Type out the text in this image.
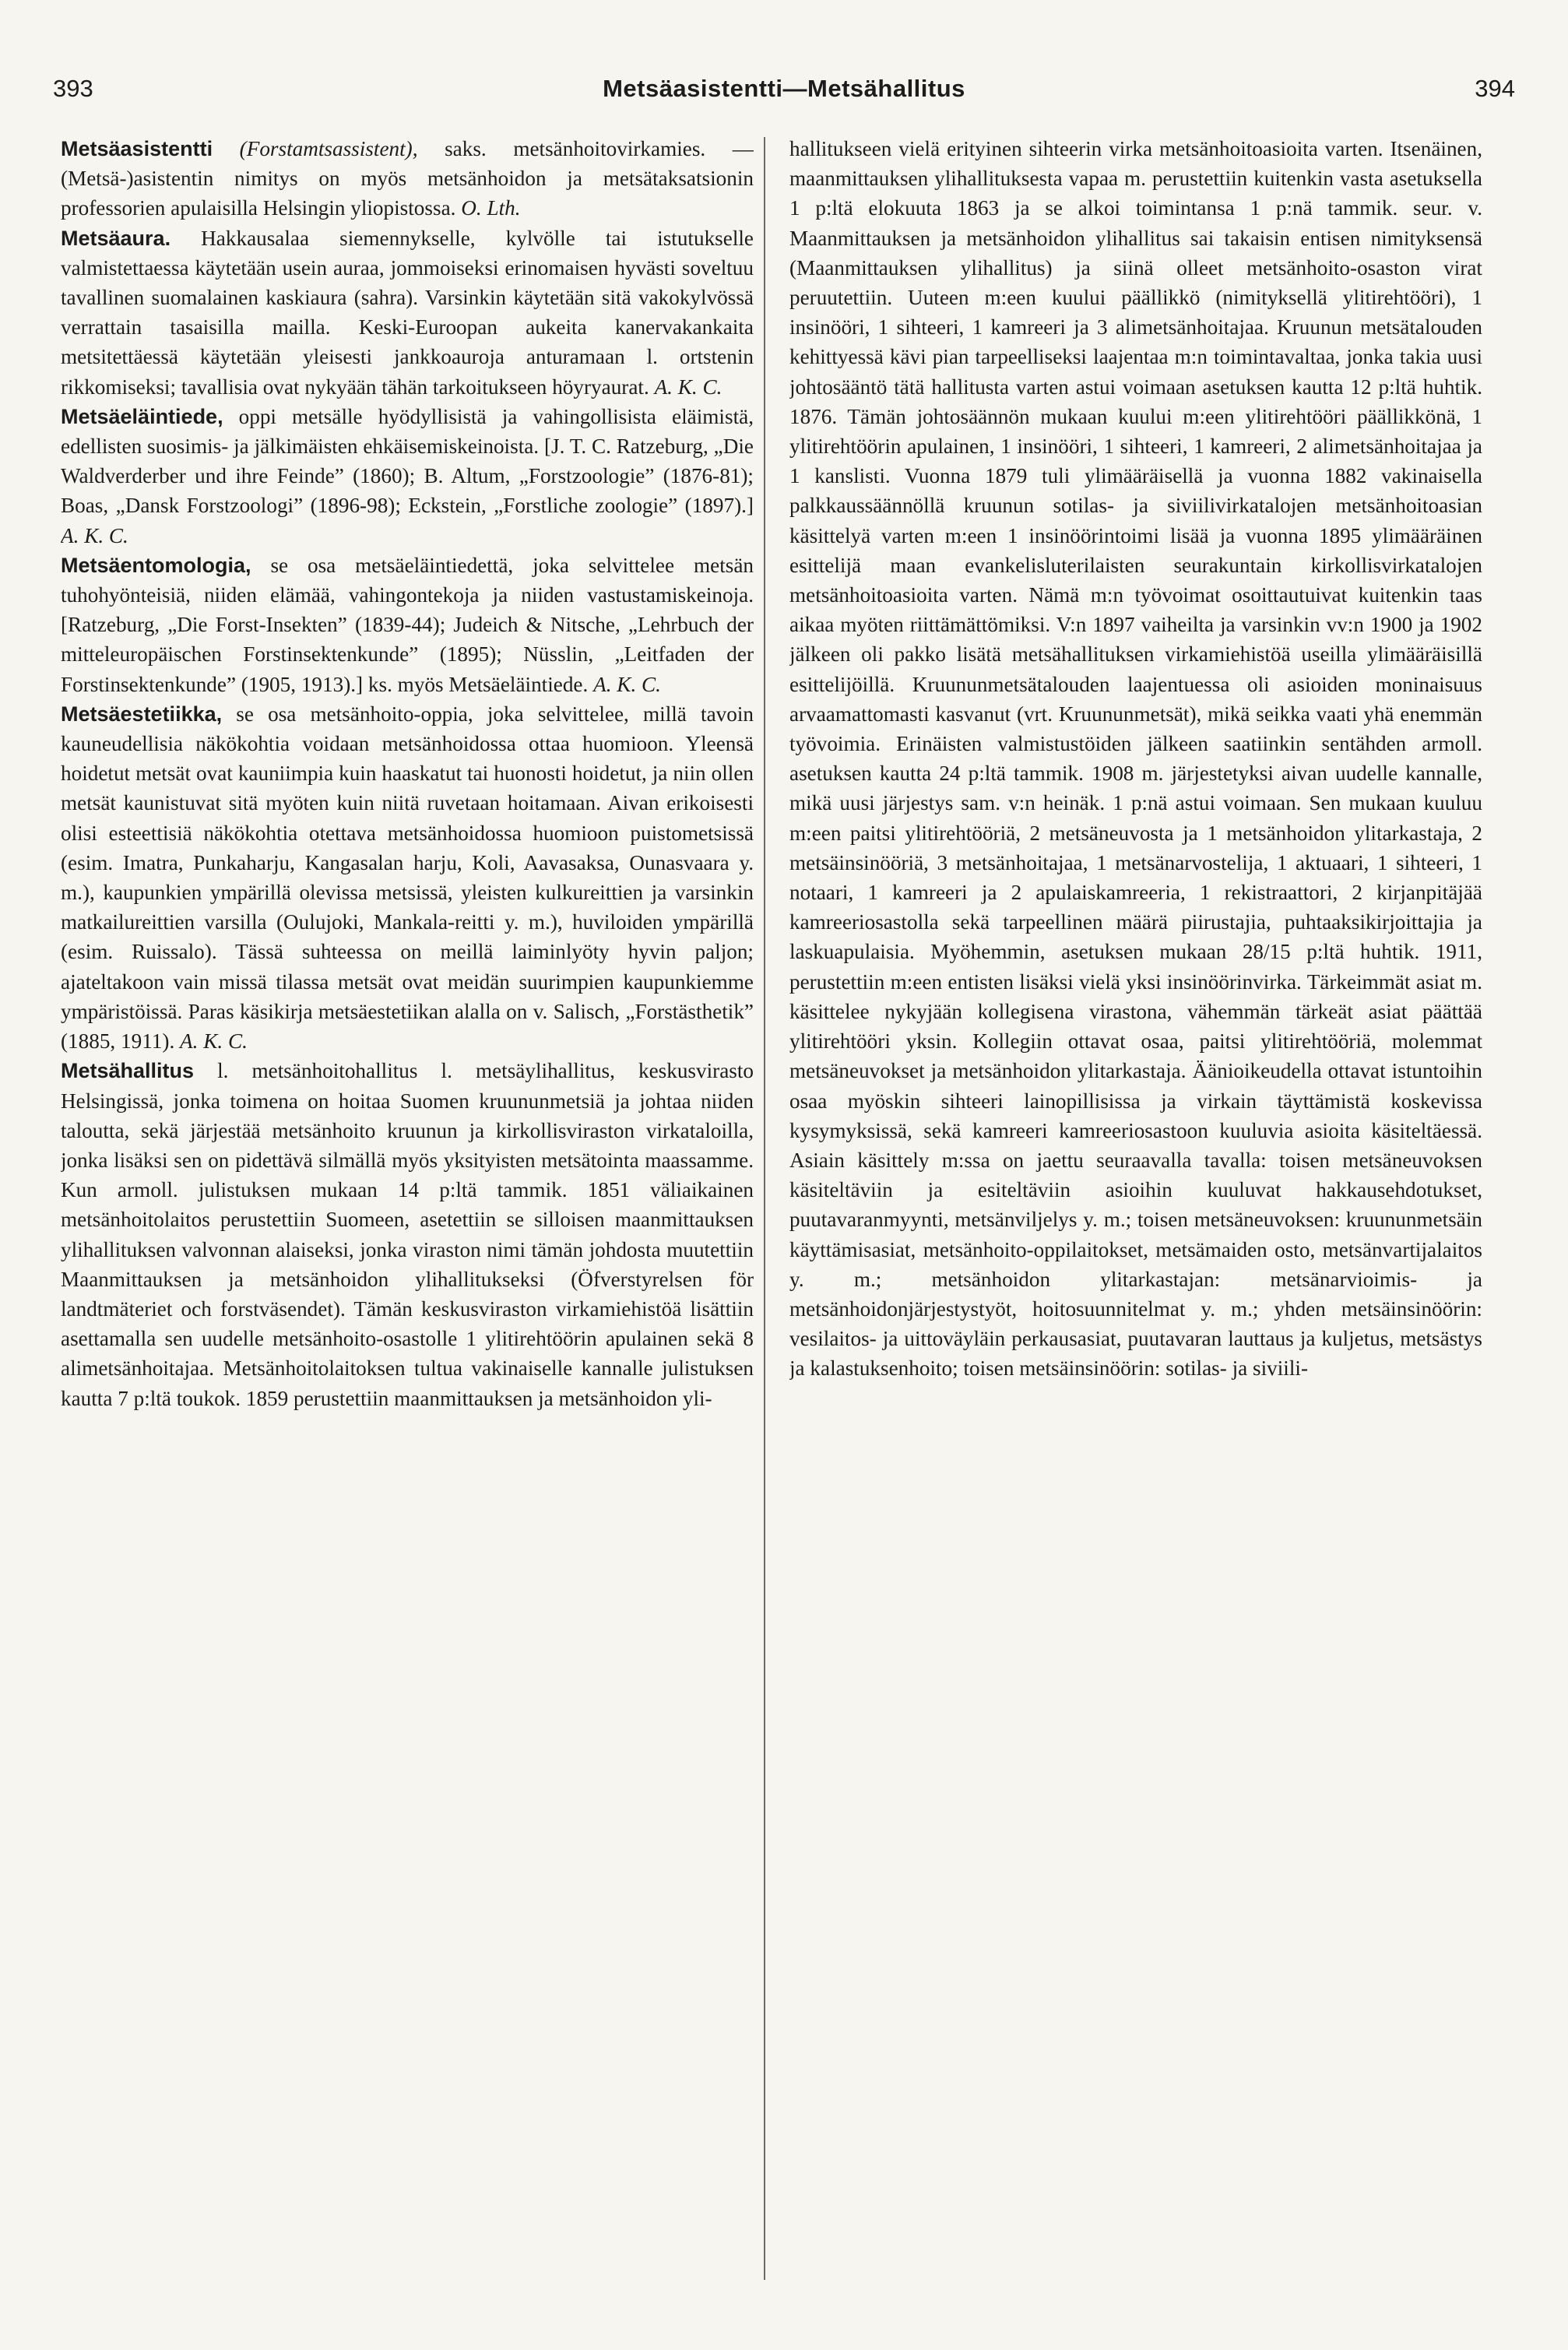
393	Metsäasistentti—Metsähallitus	394

Metsäasistentti (Forstamtsassistent), saks. metsänhoitovirkamies. — (Metsä-)asistentin nimitys on myös metsänhoidon ja metsätaksatsionin professorien apulaisilla Helsingin yliopistossa. O. Lth.

Metsäaura. Hakkausalaa siemennykselle, kylvölle tai istutukselle valmistettaessa käytetään usein auraa, jommoiseksi erinomaisen hyvästi soveltuu tavallinen suomalainen kaskiaura (sahra). Varsinkin käytetään sitä vakokylvössä verrattain tasaisilla mailla. Keski-Euroopan aukeita kanervakankaita metsitettäessä käytetään yleisesti jankkoauroja anturamaan l. ortstenin rikkomiseksi; tavallisia ovat nykyään tähän tarkoitukseen höyryaurat. A. K. C.

Metsäeläintiede, oppi metsälle hyödyllisistä ja vahingollisista eläimistä, edellisten suosimis- ja jälkimäisten ehkäisemiskeinoista. [J. T. C. Ratzeburg, „Die Waldverderber und ihre Feinde” (1860); B. Altum, „Forstzoologie” (1876-81); Boas, „Dansk Forstzoologi” (1896-98); Eckstein, „Forstliche zoologie” (1897).] A. K. C.

Metsäentomologia, se osa metsäeläintiedettä, joka selvittelee metsän tuhohyönteisiä, niiden elämää, vahingontekoja ja niiden vastustamiskeinoja. [Ratzeburg, „Die Forst-Insekten” (1839-44); Judeich & Nitsche, „Lehrbuch der mitteleuropäischen Forstinsektenkunde” (1895); Nüsslin, „Leitfaden der Forstinsektenkunde” (1905, 1913).] ks. myös Metsäeläintiede. A. K. C.

Metsäestetiikka, se osa metsänhoito-oppia, joka selvittelee, millä tavoin kauneudellisia näkökohtia voidaan metsänhoidossa ottaa huomioon. Yleensä hoidetut metsät ovat kauniimpia kuin haaskatut tai huonosti hoidetut, ja niin ollen metsät kaunistuvat sitä myöten kuin niitä ruvetaan hoitamaan. Aivan erikoisesti olisi esteettisiä näkökohtia otettava metsänhoidossa huomioon puistometsissä (esim. Imatra, Punkaharju, Kangasalan harju, Koli, Aavasaksa, Ounasvaara y. m.), kaupunkien ympärillä olevissa metsissä, yleisten kulkureittien ja varsinkin matkailureittien varsilla (Oulujoki, Mankala-reitti y. m.), huviloiden ympärillä (esim. Ruissalo). Tässä suhteessa on meillä laiminlyöty hyvin paljon; ajateltakoon vain missä tilassa metsät ovat meidän suurimpien kaupunkiemme ympäristöissä. Paras käsikirja metsäestetiikan alalla on v. Salisch, „Forstästhetik” (1885, 1911). A. K. C.

Metsähallitus l. metsänhoitohallitus l. metsäylihallitus, keskusvirasto Helsingissä, jonka toimena on hoitaa Suomen kruununmetsiä ja johtaa niiden taloutta, sekä järjestää metsänhoito kruunun ja kirkollisviraston virkataloilla, jonka lisäksi sen on pidettävä silmällä myös yksityisten metsätointa maassamme. Kun armoll. julistuksen mukaan 14 p:ltä tammik. 1851 väliaikainen metsänhoitolaitos perustettiin Suomeen, asetettiin se silloisen maanmittauksen ylihallituksen valvonnan alaiseksi, jonka viraston nimi tämän johdosta muutettiin Maanmittauksen ja metsänhoidon ylihallitukseksi (Öfverstyrelsen för landtmäteriet och forstväsendet). Tämän keskusviraston virkamiehistöä lisättiin asettamalla sen uudelle metsänhoito-osastolle 1 ylitirehtöörin apulainen sekä 8 alimetsänhoitajaa. Metsänhoitolaitoksen tultua vakinaiselle kannalle julistuksen kautta 7 p:ltä toukok. 1859 perustettiin maanmittauksen ja metsänhoidon yli-

hallitukseen vielä erityinen sihteerin virka metsänhoitoasioita varten. Itsenäinen, maanmittauksen ylihallituksesta vapaa m. perustettiin kuitenkin vasta asetuksella 1 p:ltä elokuuta 1863 ja se alkoi toimintansa 1 p:nä tammik. seur. v. Maanmittauksen ja metsänhoidon ylihallitus sai takaisin entisen nimityksensä (Maanmittauksen ylihallitus) ja siinä olleet metsänhoito-osaston virat peruutettiin. Uuteen m:een kuului päällikkö (nimityksellä ylitirehtööri), 1 insinööri, 1 sihteeri, 1 kamreeri ja 3 alimetsänhoitajaa. Kruunun metsätalouden kehittyessä kävi pian tarpeelliseksi laajentaa m:n toimintavaltaa, jonka takia uusi johtosääntö tätä hallitusta varten astui voimaan asetuksen kautta 12 p:ltä huhtik. 1876. Tämän johtosäännön mukaan kuului m:een ylitirehtööri päällikkönä, 1 ylitirehtöörin apulainen, 1 insinööri, 1 sihteeri, 1 kamreeri, 2 alimetsänhoitajaa ja 1 kanslisti. Vuonna 1879 tuli ylimääräisellä ja vuonna 1882 vakinaisella palkkaussäännöllä kruunun sotilas- ja siviilivirkatalojen metsänhoitoasian käsittelyä varten m:een 1 insinöörintoimi lisää ja vuonna 1895 ylimääräinen esittelijä maan evankelisluterilaisten seurakuntain kirkollisvirkatalojen metsänhoitoasioita varten. Nämä m:n työvoimat osoittautuivat kuitenkin taas aikaa myöten riittämättömiksi. V:n 1897 vaiheilta ja varsinkin vv:n 1900 ja 1902 jälkeen oli pakko lisätä metsähallituksen virkamiehistöä useilla ylimääräisillä esittelijöillä. Kruununmetsätalouden laajentuessa oli asioiden moninaisuus arvaamattomasti kasvanut (vrt. Kruununmetsät), mikä seikka vaati yhä enemmän työvoimia. Erinäisten valmistustöiden jälkeen saatiinkin sentähden armoll. asetuksen kautta 24 p:ltä tammik. 1908 m. järjestetyksi aivan uudelle kannalle, mikä uusi järjestys sam. v:n heinäk. 1 p:nä astui voimaan. Sen mukaan kuuluu m:een paitsi ylitirehtööriä, 2 metsäneuvosta ja 1 metsänhoidon ylitarkastaja, 2 metsäinsinööriä, 3 metsänhoitajaa, 1 metsänarvostelija, 1 aktuaari, 1 sihteeri, 1 notaari, 1 kamreeri ja 2 apulaiskamreeria, 1 rekistraattori, 2 kirjanpitäjää kamreeriosastolla sekä tarpeellinen määrä piirustajia, puhtaaksikirjoittajia ja laskuapulaisia. Myöhemmin, asetuksen mukaan 28/15 p:ltä huhtik. 1911, perustettiin m:een entisten lisäksi vielä yksi insinöörinvirka. Tärkeimmät asiat m. käsittelee nykyjään kollegisena virastona, vähemmän tärkeät asiat päättää ylitirehtööri yksin. Kollegiin ottavat osaa, paitsi ylitirehtööriä, molemmat metsäneuvokset ja metsänhoidon ylitarkastaja. Äänioikeudella ottavat istuntoihin osaa myöskin sihteeri lainopillisissa ja virkain täyttämistä koskevissa kysymyksissä, sekä kamreeri kamreeriosastoon kuuluvia asioita käsiteltäessä. Asiain käsittely m:ssa on jaettu seuraavalla tavalla: toisen metsäneuvoksen käsiteltäviin ja esiteltäviin asioihin kuuluvat hakkausehdotukset, puutavaranmyynti, metsänviljelys y. m.; toisen metsäneuvoksen: kruununmetsäin käyttämisasiat, metsänhoito-oppilaitokset, metsämaiden osto, metsänvartijalaitos y. m.; metsänhoidon ylitarkastajan: metsänarvioimis- ja metsänhoidonjärjestystyöt, hoitosuunnitelmat y. m.; yhden metsäinsinöörin: vesilaitos- ja uittoväyläin perkausasiat, puutavaran lauttaus ja kuljetus, metsästys ja kalastuksenhoito; toisen metsäinsinöörin: sotilas- ja siviili-
